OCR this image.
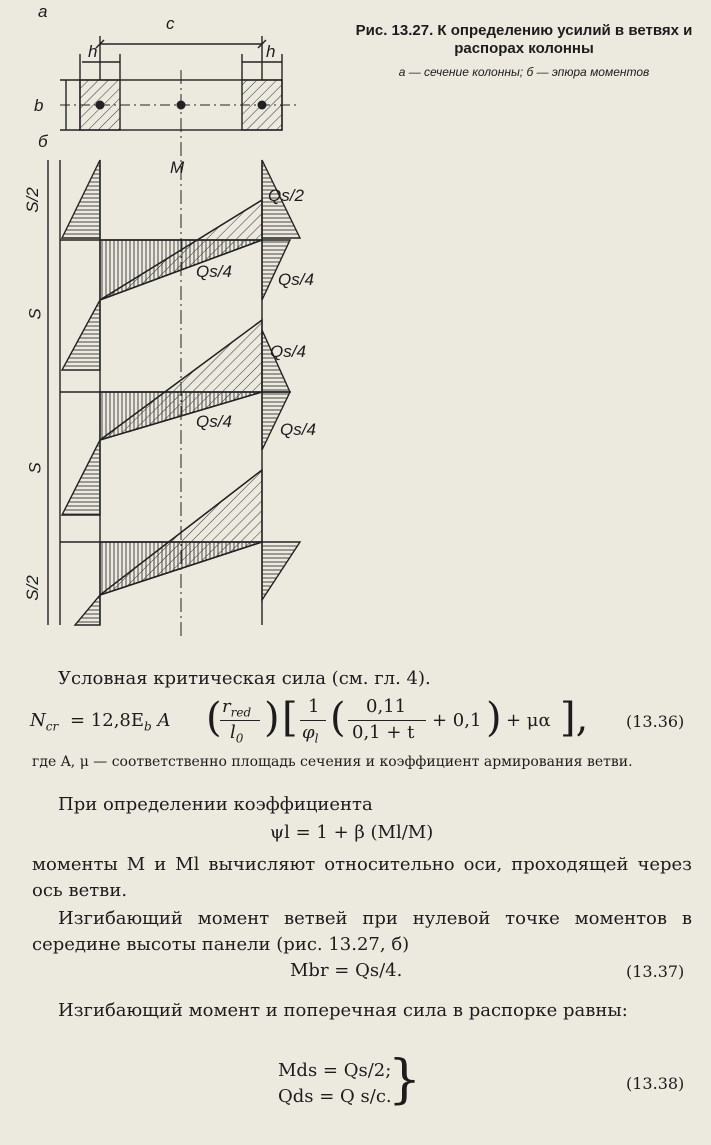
а
c
h	h
b
б
M
S/2
S
S
S/2
Qs/2
Qs/4	Qs/4
Qs/4
Qs/4	Qs/4
Рис. 13.27. К определению усилий в ветвях и распорах колонны
а — сечение колонны; б — эпюра моментов
Условная критическая сила (см. гл. 4).
$N_{cr} = 12,8E_b$ A ( $r_{red}$
$l_0$ ) [ 1
$\varphi_l$ ( 0,11
0,1 + t
+ 0,1 ) + μα ], (13.36)
где A, μ — соответственно площадь сечения и коэффициент армирования ветви.
При определении коэффициента
ψl = 1 + β (Ml/M)
моменты M и Ml вычисляют относительно оси, проходящей через ось ветви.
Изгибающий момент ветвей при нулевой точке моментов в середине высоты панели (рис. 13.27, б)
Mbr = Qs/4.	(13.37)
Изгибающий момент и поперечная сила в распорке равны:
Mds = Qs/2;
Qds = Q s/c.
}	(13.38)
